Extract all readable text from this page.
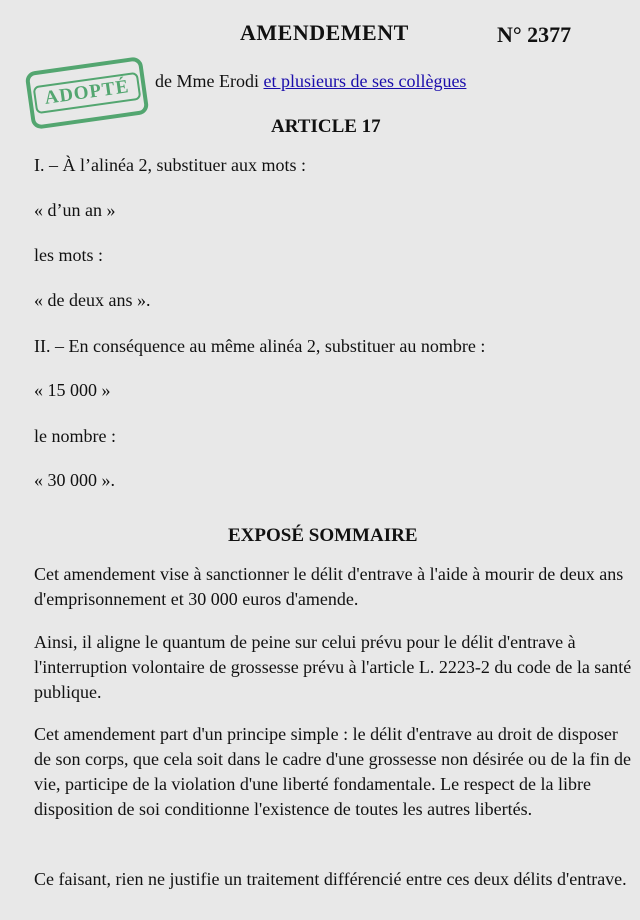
AMENDEMENT	N° 2377
ADOPTÉ	de Mme Erodi et plusieurs de ses collègues
ARTICLE 17
I. – À l’alinéa 2, substituer aux mots :
« d’un an »
les mots :
« de deux ans ».
II. – En conséquence au même alinéa 2, substituer au nombre :
« 15 000 »
le nombre :
« 30 000 ».
EXPOSÉ SOMMAIRE
Cet amendement vise à sanctionner le délit d'entrave à l'aide à mourir de deux ans d'emprisonnement et 30 000 euros d'amende.
Ainsi, il aligne le quantum de peine sur celui prévu pour le délit d'entrave à l'interruption volontaire de grossesse prévu à l'article L. 2223-2 du code de la santé publique.
Cet amendement part d'un principe simple : le délit d'entrave au droit de disposer de son corps, que cela soit dans le cadre d'une grossesse non désirée ou de la fin de vie, participe de la violation d'une liberté fondamentale. Le respect de la libre disposition de soi conditionne l'existence de toutes les autres libertés.
Ce faisant, rien ne justifie un traitement différencié entre ces deux délits d'entrave.
